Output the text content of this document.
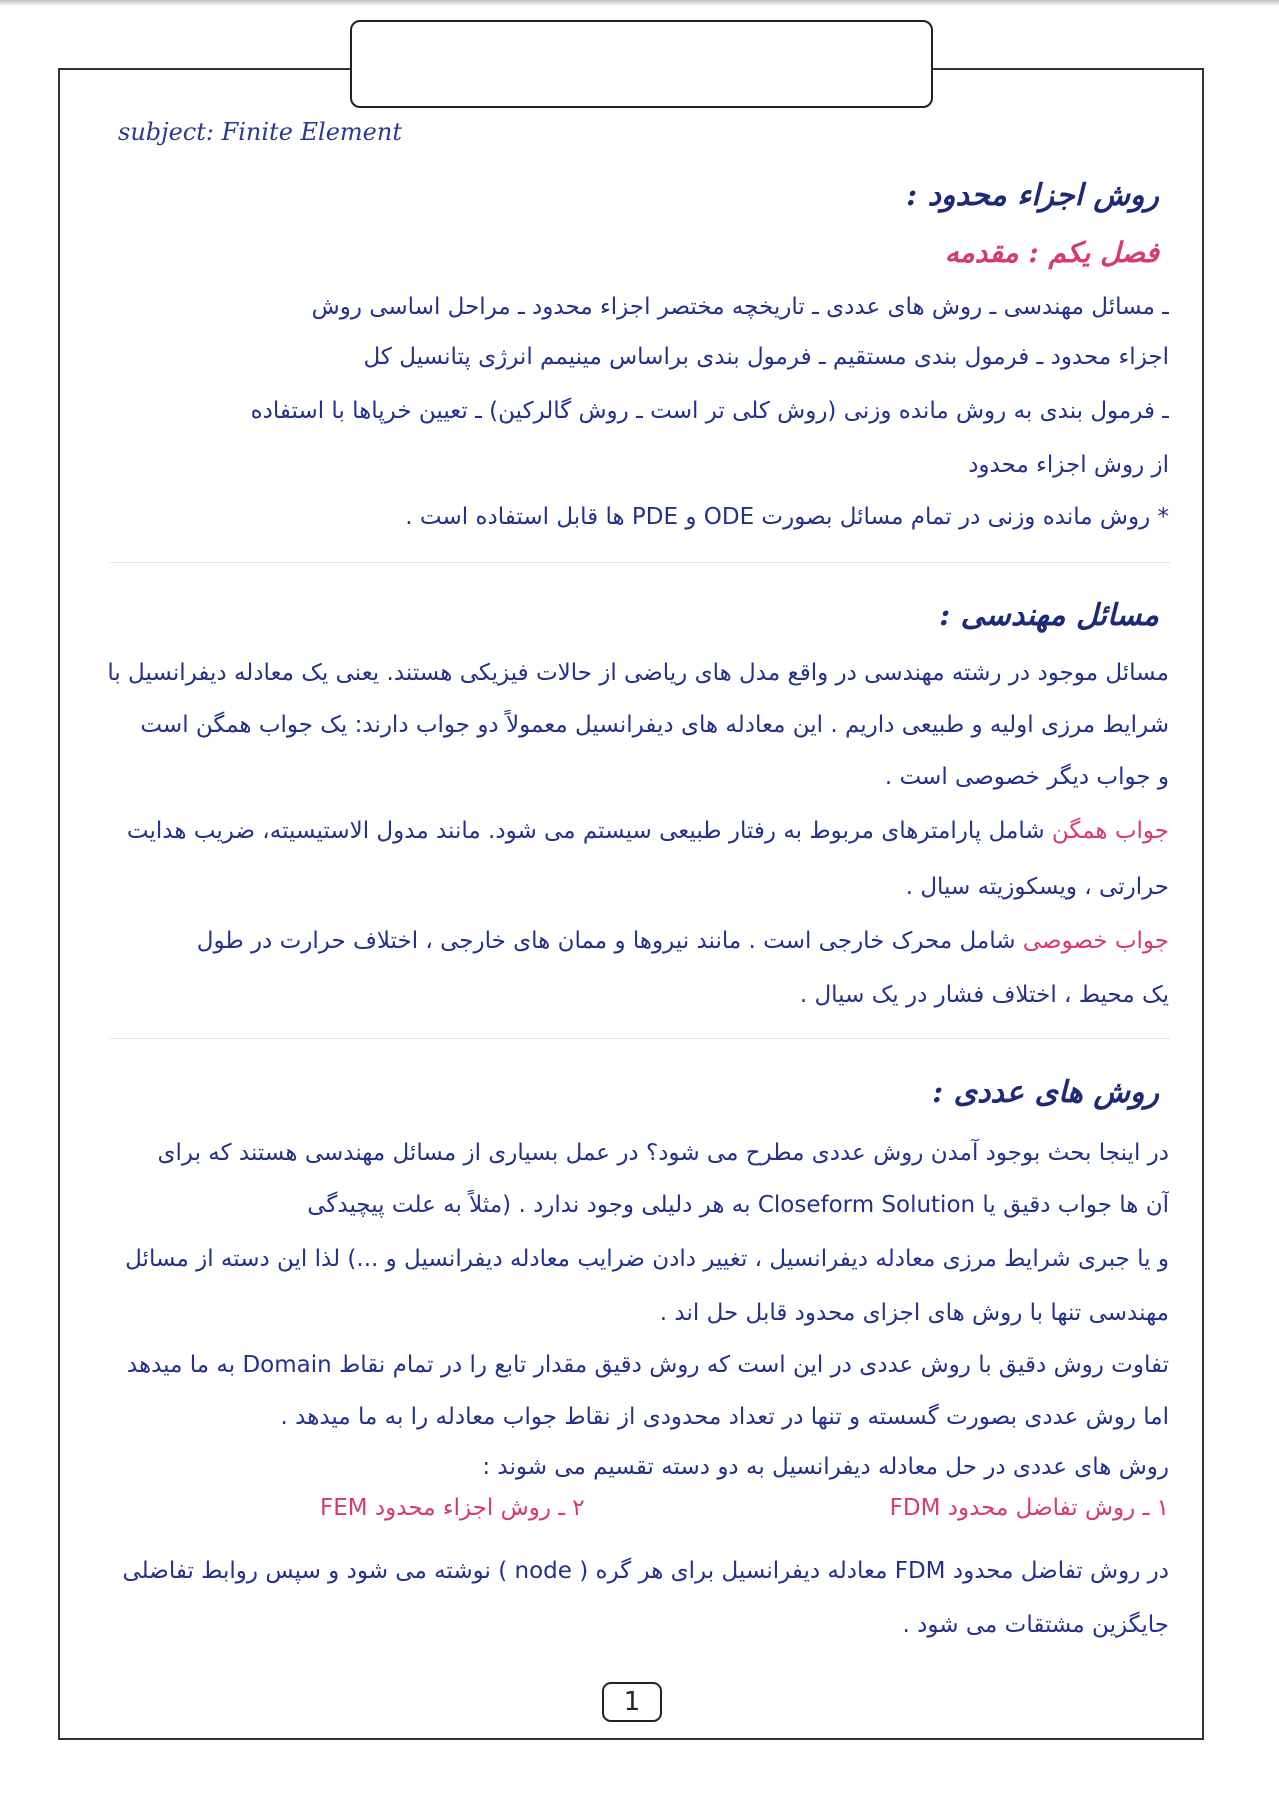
subject: Finite Element
روش اجزاء محدود :
فصل یکم : مقدمه
ـ مسائل مهندسی ـ روش های عددی ـ تاریخچه مختصر اجزاء محدود ـ مراحل اساسی روش
اجزاء محدود ـ فرمول بندی مستقیم ـ فرمول بندی براساس مینیمم انرژی پتانسیل کل
ـ فرمول بندی به روش مانده وزنی (روش کلی تر است ـ روش گالرکین) ـ تعیین خرپاها با استفاده
از روش اجزاء محدود
* روش مانده وزنی در تمام مسائل بصورت ODE و PDE ها قابل استفاده است .
مسائل مهندسی :
مسائل موجود در رشته مهندسی در واقع مدل های ریاضی از حالات فیزیکی هستند. یعنی یک معادله دیفرانسیل با
شرایط مرزی اولیه و طبیعی داریم . این معادله های دیفرانسیل معمولاً دو جواب دارند: یک جواب همگن است
و جواب دیگر خصوصی است .
جواب همگن شامل پارامترهای مربوط به رفتار طبیعی سیستم می شود. مانند مدول الاستیسیته، ضریب هدایت
حرارتی ، ویسکوزیته سیال .
جواب خصوصی شامل محرک خارجی است . مانند نیروها و ممان های خارجی ، اختلاف حرارت در طول
یک محیط ، اختلاف فشار در یک سیال .
روش های عددی :
در اینجا بحث بوجود آمدن روش عددی مطرح می شود؟ در عمل بسیاری از مسائل مهندسی هستند که برای
آن ها جواب دقیق یا Closeform Solution به هر دلیلی وجود ندارد . (مثلاً به علت پیچیدگی
و یا جبری شرایط مرزی معادله دیفرانسیل ، تغییر دادن ضرایب معادله دیفرانسیل و ...) لذا این دسته از مسائل
مهندسی تنها با روش های اجزای محدود قابل حل اند .
تفاوت روش دقیق با روش عددی در این است که روش دقیق مقدار تابع را در تمام نقاط Domain به ما میدهد
اما روش عددی بصورت گسسته و تنها در تعداد محدودی از نقاط جواب معادله را به ما میدهد .
روش های عددی در حل معادله دیفرانسیل به دو دسته تقسیم می شوند :
۱ ـ روش تفاضل محدود FDM
۲ ـ روش اجزاء محدود FEM
در روش تفاضل محدود FDM معادله دیفرانسیل برای هر گره ( node ) نوشته می شود و سپس روابط تفاضلی
جایگزین مشتقات می شود .
1
